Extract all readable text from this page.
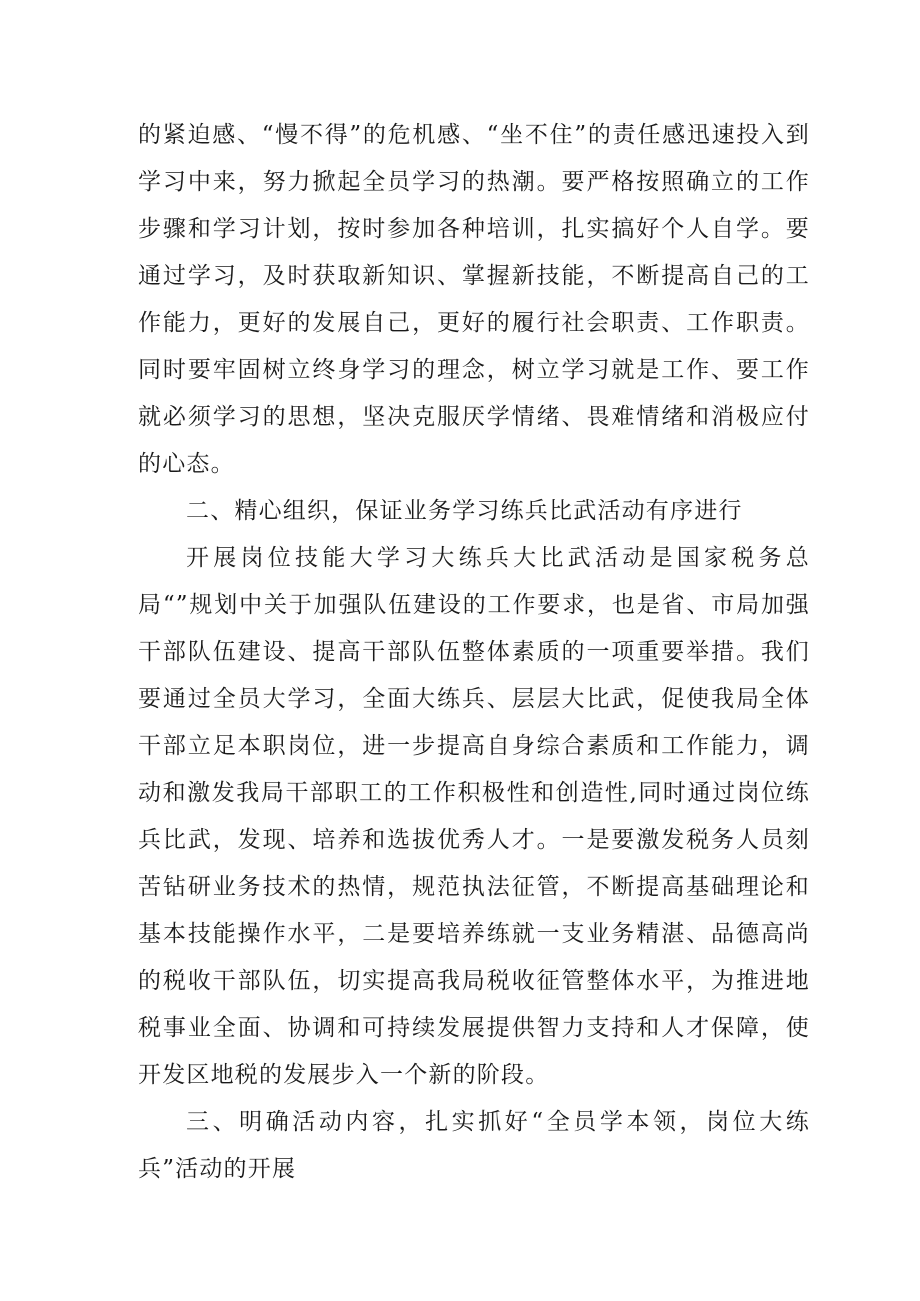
的紧迫感、“慢不得”的危机感、“坐不住”的责任感迅速投入到学习中来，努力掀起全员学习的热潮。要严格按照确立的工作步骤和学习计划，按时参加各种培训，扎实搞好个人自学。要通过学习，及时获取新知识、掌握新技能，不断提高自己的工作能力，更好的发展自己，更好的履行社会职责、工作职责。同时要牢固树立终身学习的理念，树立学习就是工作、要工作就必须学习的思想，坚决克服厌学情绪、畏难情绪和消极应付的心态。

二、精心组织，保证业务学习练兵比武活动有序进行

开展岗位技能大学习大练兵大比武活动是国家税务总局“”规划中关于加强队伍建设的工作要求，也是省、市局加强干部队伍建设、提高干部队伍整体素质的一项重要举措。我们要通过全员大学习，全面大练兵、层层大比武，促使我局全体干部立足本职岗位，进一步提高自身综合素质和工作能力，调动和激发我局干部职工的工作积极性和创造性,同时通过岗位练兵比武，发现、培养和选拔优秀人才。一是要激发税务人员刻苦钻研业务技术的热情，规范执法征管，不断提高基础理论和基本技能操作水平，二是要培养练就一支业务精湛、品德高尚的税收干部队伍，切实提高我局税收征管整体水平，为推进地税事业全面、协调和可持续发展提供智力支持和人才保障，使开发区地税的发展步入一个新的阶段。

三、明确活动内容，扎实抓好“全员学本领，岗位大练兵”活动的开展
